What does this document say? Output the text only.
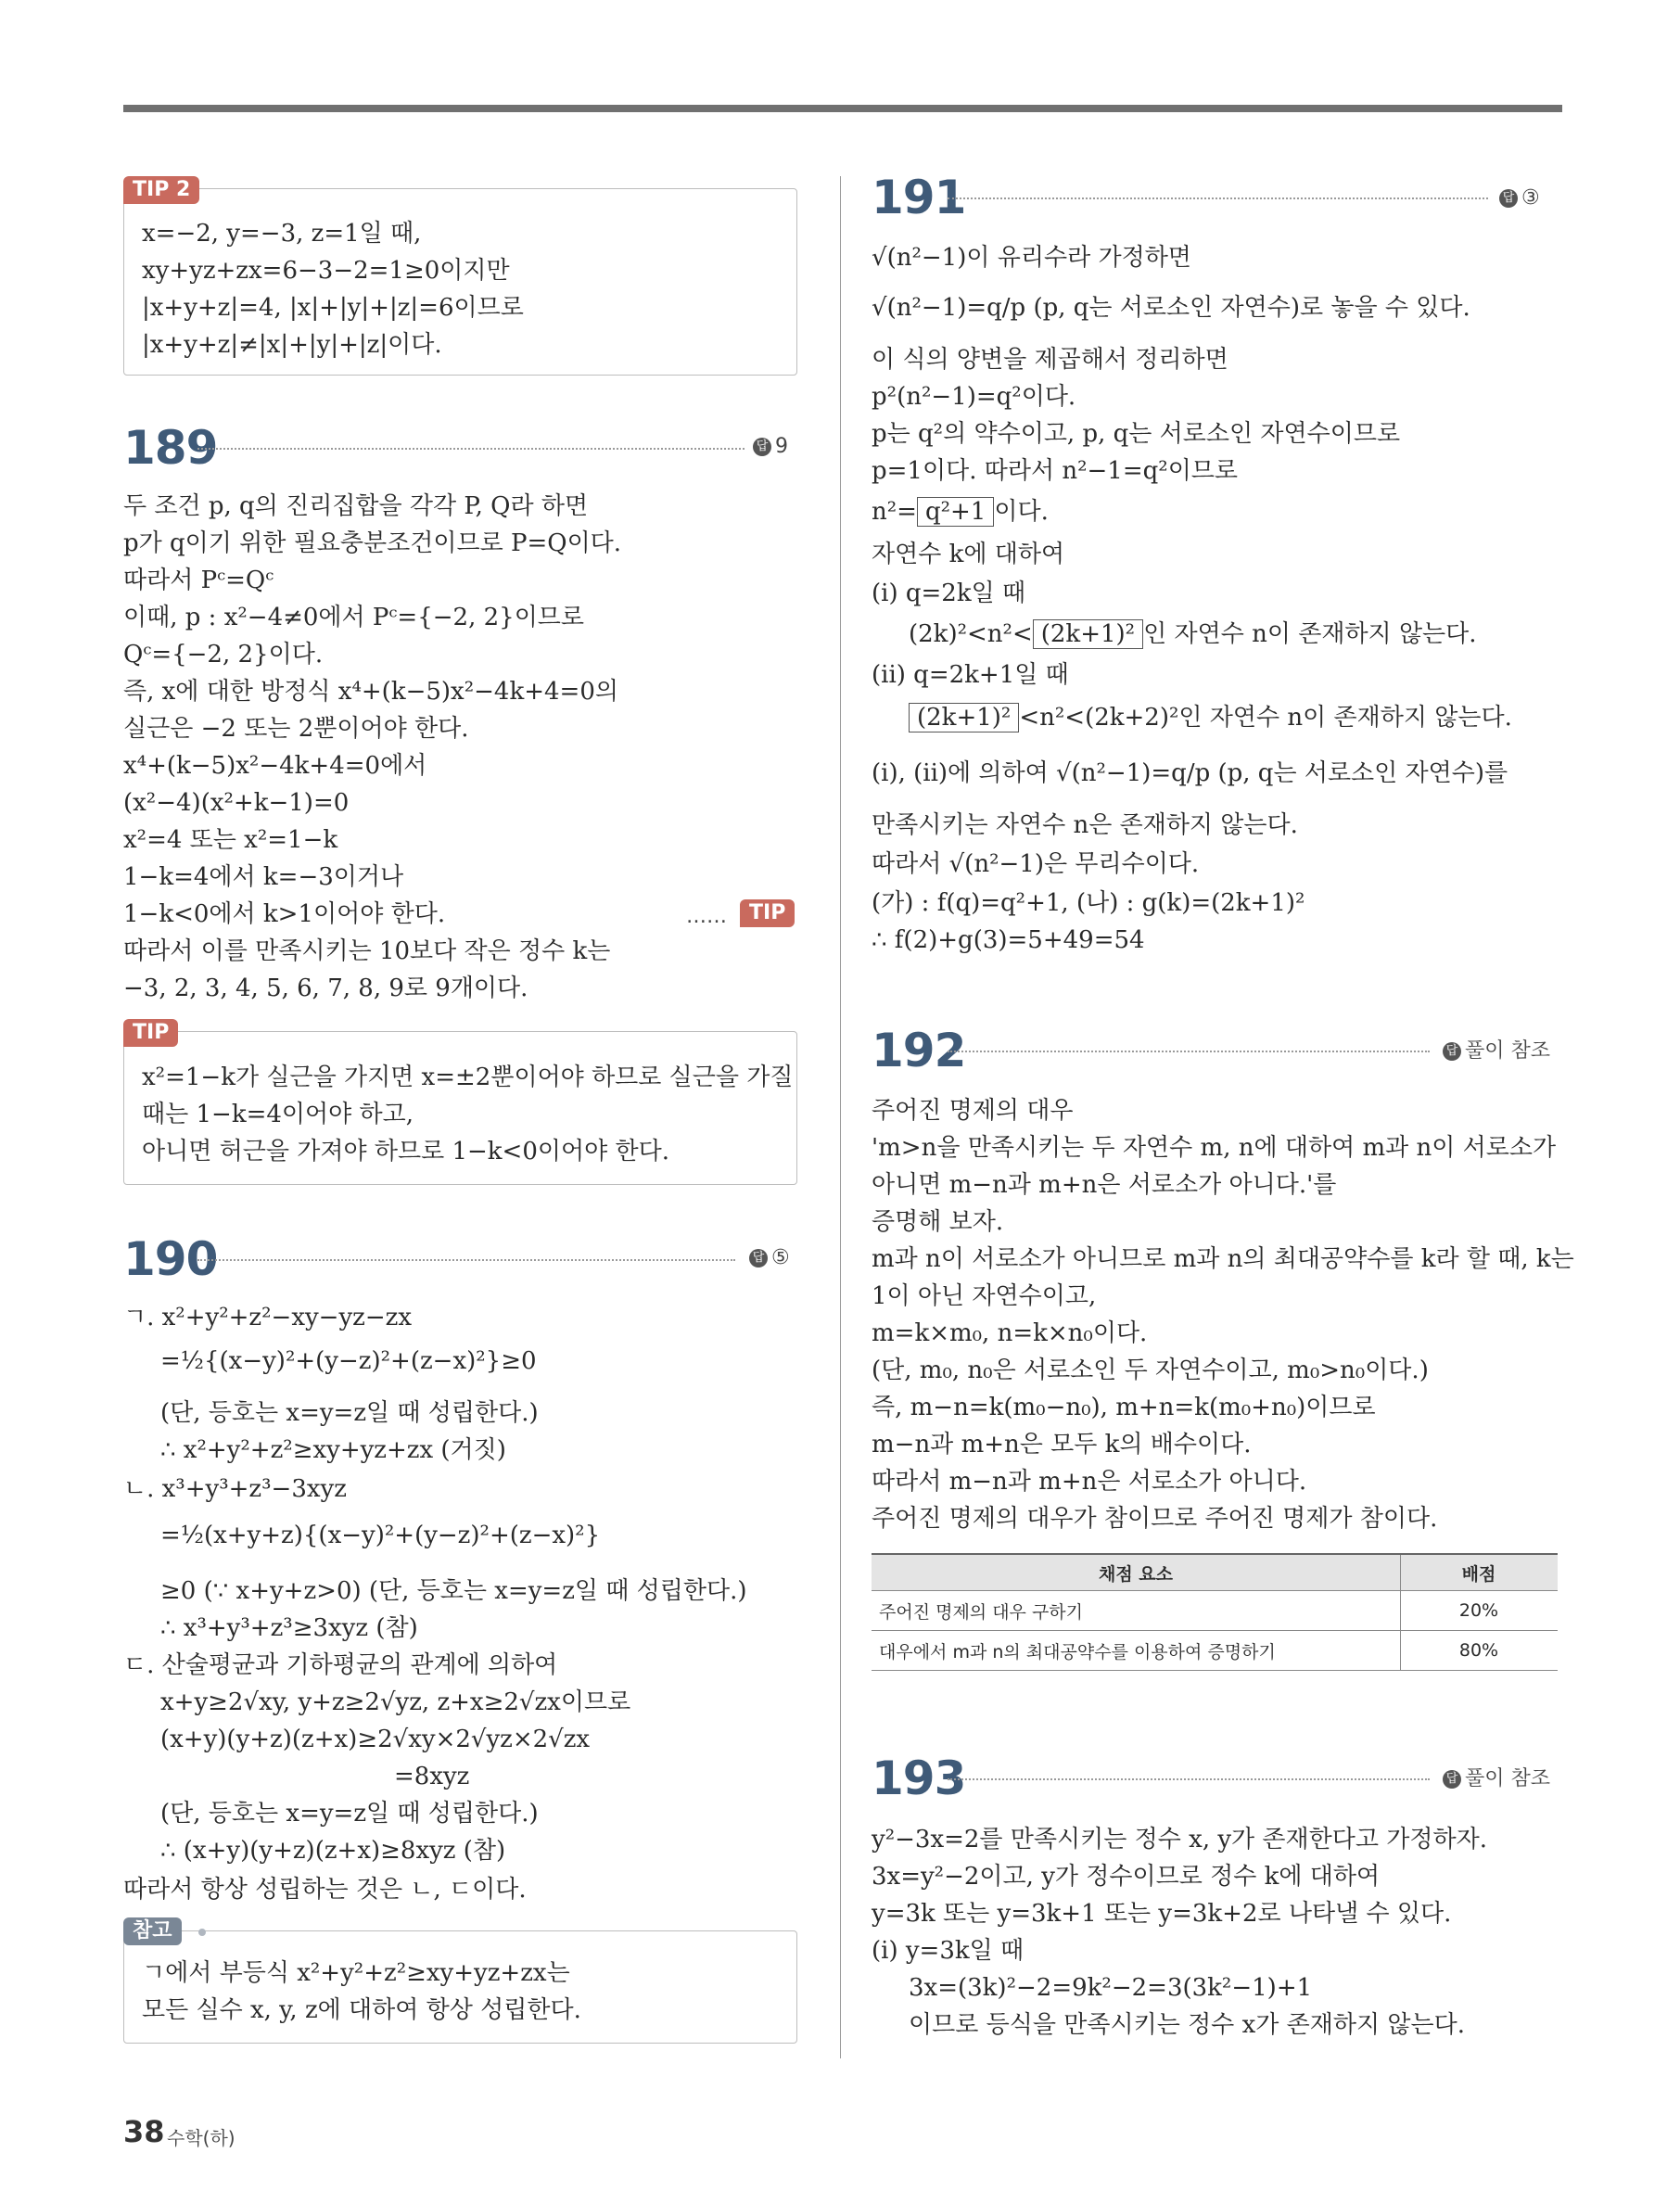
TIP 2
x=−2, y=−3, z=1일 때,
xy+yz+zx=6−3−2=1≥0이지만
|x+y+z|=4, |x|+|y|+|z|=6이므로
|x+y+z|≠|x|+|y|+|z|이다.
189	답 9
두 조건 p, q의 진리집합을 각각 P, Q라 하면
p가 q이기 위한 필요충분조건이므로 P=Q이다.
따라서 Pᶜ=Qᶜ
이때, p : x²−4≠0에서 Pᶜ={−2, 2}이므로
Qᶜ={−2, 2}이다.
즉, x에 대한 방정식 x⁴+(k−5)x²−4k+4=0의
실근은 −2 또는 2뿐이어야 한다.
x⁴+(k−5)x²−4k+4=0에서
(x²−4)(x²+k−1)=0
x²=4 또는 x²=1−k
1−k=4에서 k=−3이거나
1−k<0에서 k>1이어야 한다.	……	TIP
따라서 이를 만족시키는 10보다 작은 정수 k는
−3, 2, 3, 4, 5, 6, 7, 8, 9로 9개이다.
TIP
x²=1−k가 실근을 가지면 x=±2뿐이어야 하므로 실근을 가질
때는 1−k=4이어야 하고,
아니면 허근을 가져야 하므로 1−k<0이어야 한다.
190	답 ⑤
ㄱ. x²+y²+z²−xy−yz−zx
=½{(x−y)²+(y−z)²+(z−x)²}≥0
(단, 등호는 x=y=z일 때 성립한다.)
∴ x²+y²+z²≥xy+yz+zx (거짓)
ㄴ. x³+y³+z³−3xyz
=½(x+y+z){(x−y)²+(y−z)²+(z−x)²}
≥0 (∵ x+y+z>0) (단, 등호는 x=y=z일 때 성립한다.)
∴ x³+y³+z³≥3xyz (참)
ㄷ. 산술평균과 기하평균의 관계에 의하여
x+y≥2√xy, y+z≥2√yz, z+x≥2√zx이므로
(x+y)(y+z)(z+x)≥2√xy×2√yz×2√zx
=8xyz
(단, 등호는 x=y=z일 때 성립한다.)
∴ (x+y)(y+z)(z+x)≥8xyz (참)
따라서 항상 성립하는 것은 ㄴ, ㄷ이다.
참고
ㄱ에서 부등식 x²+y²+z²≥xy+yz+zx는
모든 실수 x, y, z에 대하여 항상 성립한다.
191	답 ③
√(n²−1)이 유리수라 가정하면
√(n²−1)=q/p (p, q는 서로소인 자연수)로 놓을 수 있다.
이 식의 양변을 제곱해서 정리하면
p²(n²−1)=q²이다.
p는 q²의 약수이고, p, q는 서로소인 자연수이므로
p=1이다. 따라서 n²−1=q²이므로
n²= q²+1 이다.
자연수 k에 대하여
(i) q=2k일 때
(2k)²<n²< (2k+1)² 인 자연수 n이 존재하지 않는다.
(ii) q=2k+1일 때
(2k+1)² <n²<(2k+2)²인 자연수 n이 존재하지 않는다.
(i), (ii)에 의하여 √(n²−1)=q/p (p, q는 서로소인 자연수)를
만족시키는 자연수 n은 존재하지 않는다.
따라서 √(n²−1)은 무리수이다.
(가) : f(q)=q²+1, (나) : g(k)=(2k+1)²
∴ f(2)+g(3)=5+49=54
192	답 풀이 참조
주어진 명제의 대우
'm>n을 만족시키는 두 자연수 m, n에 대하여 m과 n이 서로소가
아니면 m−n과 m+n은 서로소가 아니다.'를
증명해 보자.
m과 n이 서로소가 아니므로 m과 n의 최대공약수를 k라 할 때, k는
1이 아닌 자연수이고,
m=k×m₀, n=k×n₀이다.
(단, m₀, n₀은 서로소인 두 자연수이고, m₀>n₀이다.)
즉, m−n=k(m₀−n₀), m+n=k(m₀+n₀)이므로
m−n과 m+n은 모두 k의 배수이다.
따라서 m−n과 m+n은 서로소가 아니다.
주어진 명제의 대우가 참이므로 주어진 명제가 참이다.
채점 요소	배점
주어진 명제의 대우 구하기	20%
대우에서 m과 n의 최대공약수를 이용하여 증명하기	80%
193	답 풀이 참조
y²−3x=2를 만족시키는 정수 x, y가 존재한다고 가정하자.
3x=y²−2이고, y가 정수이므로 정수 k에 대하여
y=3k 또는 y=3k+1 또는 y=3k+2로 나타낼 수 있다.
(i) y=3k일 때
3x=(3k)²−2=9k²−2=3(3k²−1)+1
이므로 등식을 만족시키는 정수 x가 존재하지 않는다.
38 수학(하)
